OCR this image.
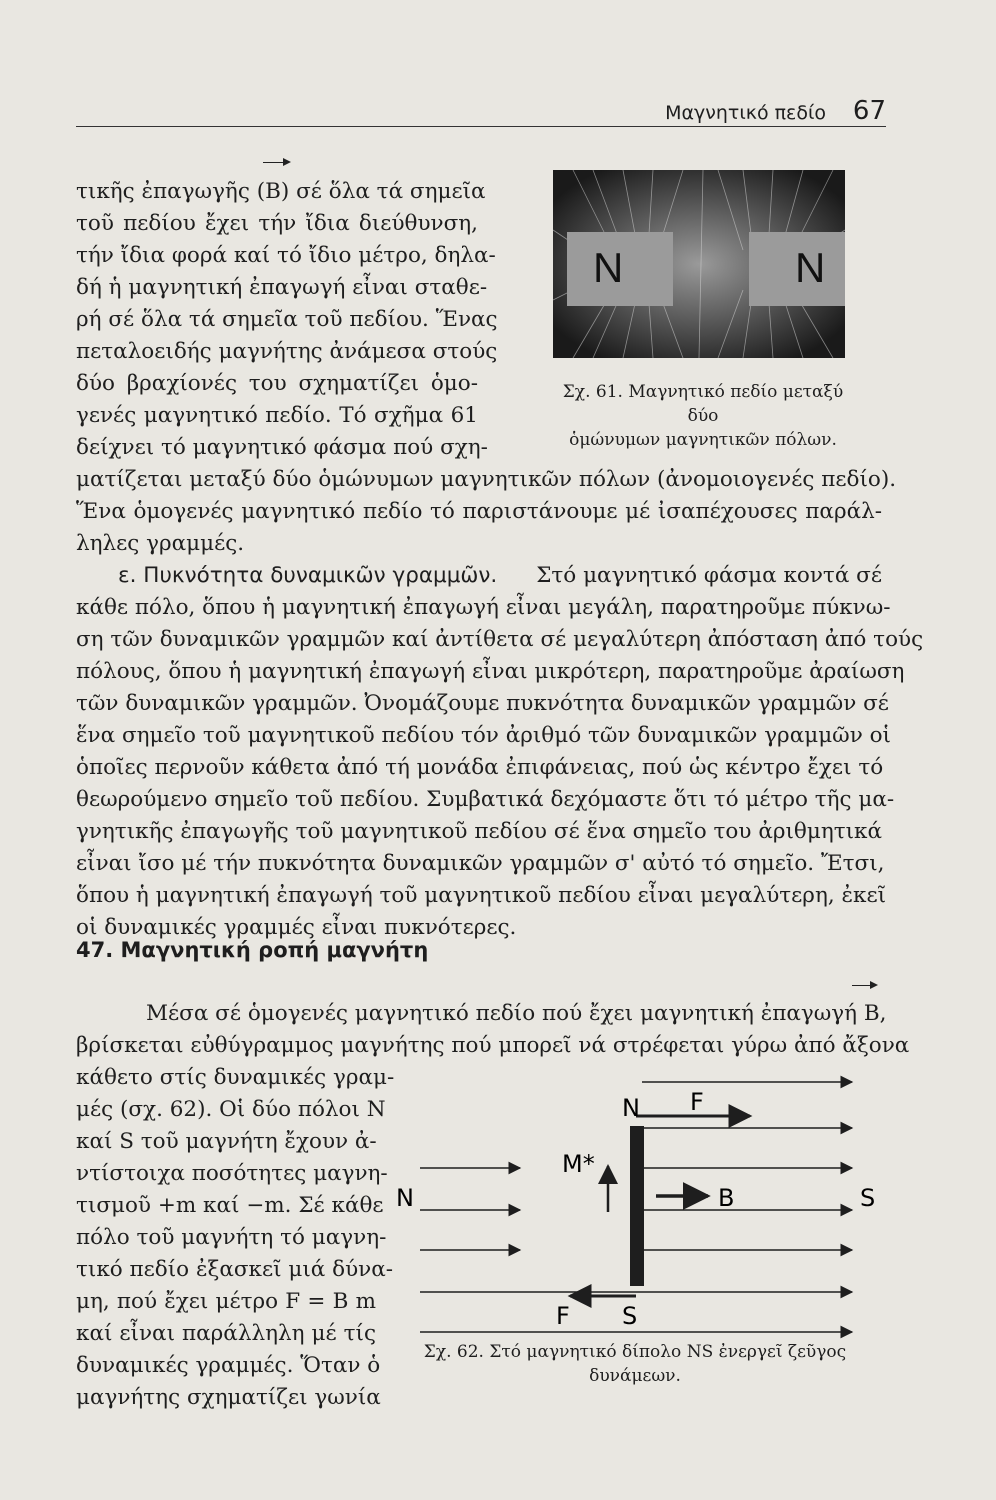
Μαγνητικό πεδίο 67
τικῆς ἐπαγωγῆς (B) σέ ὅλα τά σημεῖα
τοῦ πεδίου ἔχει τήν ἴδια διεύθυνση,
τήν ἴδια φορά καί τό ἴδιο μέτρο, δηλα-
δή ἡ μαγνητική ἐπαγωγή εἶναι σταθε-
ρή σέ ὅλα τά σημεῖα τοῦ πεδίου. Ἕνας
πεταλοειδής μαγνήτης ἀνάμεσα στούς
δύο βραχίονές του σχηματίζει ὁμο-
γενές μαγνητικό πεδίο. Τό σχῆμα 61
δείχνει τό μαγνητικό φάσμα πού σχη-
ματίζεται μεταξύ δύο ὁμώνυμων μαγνητικῶν πόλων (ἀνομοιογενές πεδίο).
Ἕνα ὁμογενές μαγνητικό πεδίο τό παριστάνουμε μέ ἰσαπέχουσες παράλ-
ληλες γραμμές.
N	N
Σχ. 61. Μαγνητικό πεδίο μεταξύ δύο
ὁμώνυμων μαγνητικῶν πόλων.
ε. Πυκνότητα δυναμικῶν γραμμῶν. Στό μαγνητικό φάσμα κοντά σέ
κάθε πόλο, ὅπου ἡ μαγνητική ἐπαγωγή εἶναι μεγάλη, παρατηροῦμε πύκνω-
ση τῶν δυναμικῶν γραμμῶν καί ἀντίθετα σέ μεγαλύτερη ἀπόσταση ἀπό τούς
πόλους, ὅπου ἡ μαγνητική ἐπαγωγή εἶναι μικρότερη, παρατηροῦμε ἀραίωση
τῶν δυναμικῶν γραμμῶν. Ὀνομάζουμε πυκνότητα δυναμικῶν γραμμῶν σέ
ἕνα σημεῖο τοῦ μαγνητικοῦ πεδίου τόν ἀριθμό τῶν δυναμικῶν γραμμῶν οἱ
ὁποῖες περνοῦν κάθετα ἀπό τή μονάδα ἐπιφάνειας, πού ὡς κέντρο ἔχει τό
θεωρούμενο σημεῖο τοῦ πεδίου. Συμβατικά δεχόμαστε ὅτι τό μέτρο τῆς μα-
γνητικῆς ἐπαγωγῆς τοῦ μαγνητικοῦ πεδίου σέ ἕνα σημεῖο του ἀριθμητικά
εἶναι ἴσο μέ τήν πυκνότητα δυναμικῶν γραμμῶν σ' αὐτό τό σημεῖο. Ἔτσι,
ὅπου ἡ μαγνητική ἐπαγωγή τοῦ μαγνητικοῦ πεδίου εἶναι μεγαλύτερη, ἐκεῖ
οἱ δυναμικές γραμμές εἶναι πυκνότερες.
47. Μαγνητική ροπή μαγνήτη
Μέσα σέ ὁμογενές μαγνητικό πεδίο πού ἔχει μαγνητική ἐπαγωγή B,
βρίσκεται εὐθύγραμμος μαγνήτης πού μπορεῖ νά στρέφεται γύρω ἀπό ἄξονα
κάθετο στίς δυναμικές γραμ-
μές (σχ. 62). Οἱ δύο πόλοι N
καί S τοῦ μαγνήτη ἔχουν ἀ-
ντίστοιχα ποσότητες μαγνη-
τισμοῦ +m καί −m. Σέ κάθε
πόλο τοῦ μαγνήτη τό μαγνη-
τικό πεδίο ἐξασκεῖ μιά δύνα-
μη, πού ἔχει μέτρο F = B m
καί εἶναι παράλληλη μέ τίς
δυναμικές γραμμές. Ὅταν ὁ
μαγνήτης σχηματίζει γωνία
N F
M*
N	B	S
F S
Σχ. 62. Στό μαγνητικό δίπολο NS ἐνεργεῖ ζεῦγος
δυνάμεων.
